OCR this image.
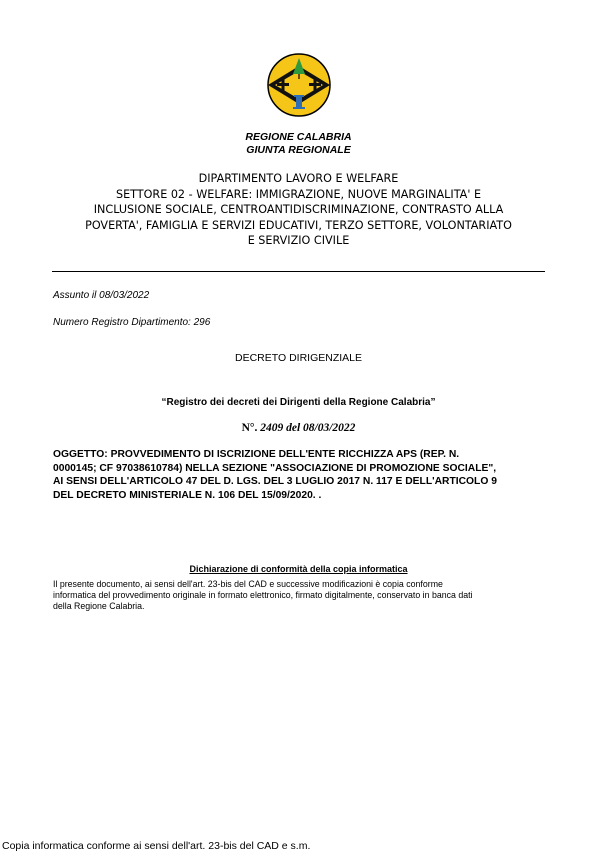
REGIONE CALABRIA
GIUNTA REGIONALE
DIPARTIMENTO LAVORO E WELFARE
SETTORE 02 - WELFARE: IMMIGRAZIONE, NUOVE MARGINALITA' E
INCLUSIONE SOCIALE, CENTROANTIDISCRIMINAZIONE, CONTRASTO ALLA
POVERTA', FAMIGLIA E SERVIZI EDUCATIVI, TERZO SETTORE, VOLONTARIATO
E SERVIZIO CIVILE
Assunto il 08/03/2022
Numero Registro Dipartimento: 296
DECRETO DIRIGENZIALE
“Registro dei decreti dei Dirigenti della Regione Calabria”
N°. 2409 del 08/03/2022
OGGETTO: PROVVEDIMENTO DI ISCRIZIONE DELL'ENTE RICCHIZZA APS (REP. N.
0000145; CF 97038610784) NELLA SEZIONE "ASSOCIAZIONE DI PROMOZIONE SOCIALE",
AI SENSI DELL'ARTICOLO 47 DEL D. LGS. DEL 3 LUGLIO 2017 N. 117 E DELL'ARTICOLO 9
DEL DECRETO MINISTERIALE N. 106 DEL 15/09/2020. .
Dichiarazione di conformità della copia informatica
Il presente documento, ai sensi dell'art. 23-bis del CAD e successive modificazioni è copia conforme
informatica del provvedimento originale in formato elettronico, firmato digitalmente, conservato in banca dati
della Regione Calabria.
Copia informatica conforme ai sensi dell'art. 23-bis del CAD e s.m.
